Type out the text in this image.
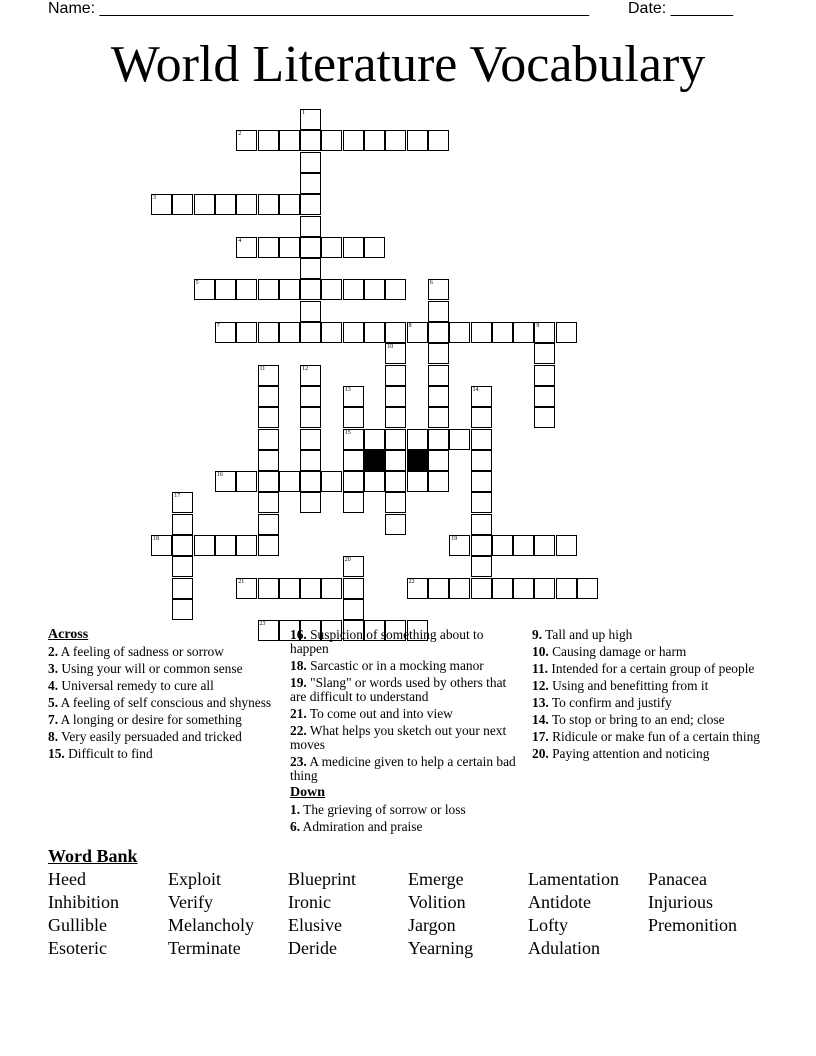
Name: _______________________________________________________ Date: _______
World Literature Vocabulary
2
3
4
5
7	8	9
15
16
18	19
21	22
23
1
6
10
11	12
13	14
17
20
Across
2. A feeling of sadness or sorrow
3. Using your will or common sense
4. Universal remedy to cure all
5. A feeling of self conscious and shyness
7. A longing or desire for something
8. Very easily persuaded and tricked
15. Difficult to find
16. Suspicion of something about to happen
18. Sarcastic or in a mocking manor
19. "Slang" or words used by others that are difficult to understand
21. To come out and into view
22. What helps you sketch out your next moves
23. A medicine given to help a certain bad thing
Down
1. The grieving of sorrow or loss
6. Admiration and praise
9. Tall and up high
10. Causing damage or harm
11. Intended for a certain group of people
12. Using and benefitting from it
13. To confirm and justify
14. To stop or bring to an end; close
17. Ridicule or make fun of a certain thing
20. Paying attention and noticing
Word Bank
Heed	Exploit	Blueprint	Emerge	Lamentation	Panacea
Inhibition	Verify	Ironic	Volition	Antidote	Injurious
Gullible	Melancholy	Elusive	Jargon	Lofty	Premonition
Esoteric	Terminate	Deride	Yearning	Adulation
